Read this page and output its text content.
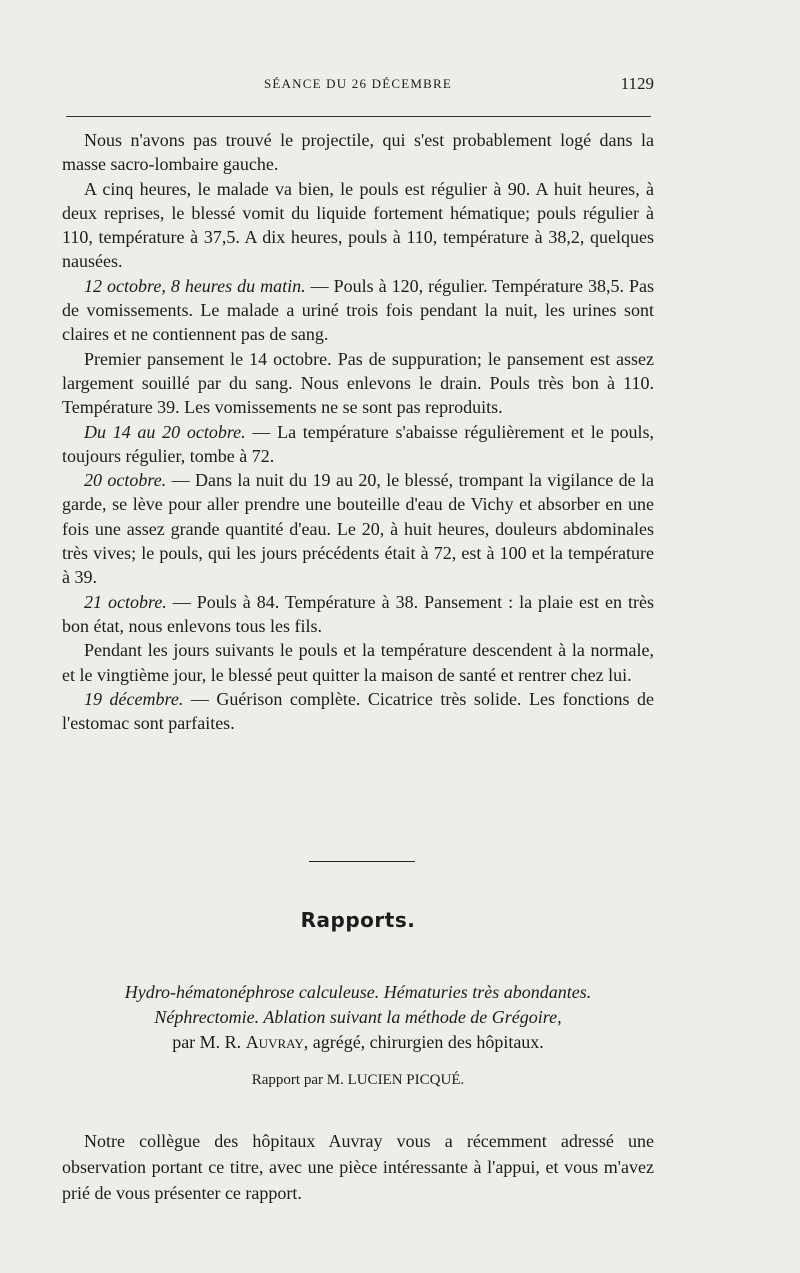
SÉANCE DU 26 DÉCEMBRE	1129

Nous n'avons pas trouvé le projectile, qui s'est probablement logé dans la masse sacro-lombaire gauche.

A cinq heures, le malade va bien, le pouls est régulier à 90. A huit heures, à deux reprises, le blessé vomit du liquide fortement hématique; pouls régulier à 110, température à 37,5. A dix heures, pouls à 110, température à 38,2, quelques nausées.

12 octobre, 8 heures du matin. — Pouls à 120, régulier. Température 38,5. Pas de vomissements. Le malade a uriné trois fois pendant la nuit, les urines sont claires et ne contiennent pas de sang.

Premier pansement le 14 octobre. Pas de suppuration; le pansement est assez largement souillé par du sang. Nous enlevons le drain. Pouls très bon à 110. Température 39. Les vomissements ne se sont pas reproduits.

Du 14 au 20 octobre. — La température s'abaisse régulièrement et le pouls, toujours régulier, tombe à 72.

20 octobre. — Dans la nuit du 19 au 20, le blessé, trompant la vigilance de la garde, se lève pour aller prendre une bouteille d'eau de Vichy et absorber en une fois une assez grande quantité d'eau. Le 20, à huit heures, douleurs abdominales très vives; le pouls, qui les jours précédents était à 72, est à 100 et la température à 39.

21 octobre. — Pouls à 84. Température à 38. Pansement : la plaie est en très bon état, nous enlevons tous les fils.

Pendant les jours suivants le pouls et la température descendent à la normale, et le vingtième jour, le blessé peut quitter la maison de santé et rentrer chez lui.

19 décembre. — Guérison complète. Cicatrice très solide. Les fonctions de l'estomac sont parfaites.

Rapports.
Hydro-hématonéphrose calculeuse. Hématuries très abondantes.
Néphrectomie. Ablation suivant la méthode de Grégoire,
par M. R. Auvray, agrégé, chirurgien des hôpitaux.
Rapport par M. LUCIEN PICQUÉ.

Notre collègue des hôpitaux Auvray vous a récemment adressé une observation portant ce titre, avec une pièce intéressante à l'appui, et vous m'avez prié de vous présenter ce rapport.
